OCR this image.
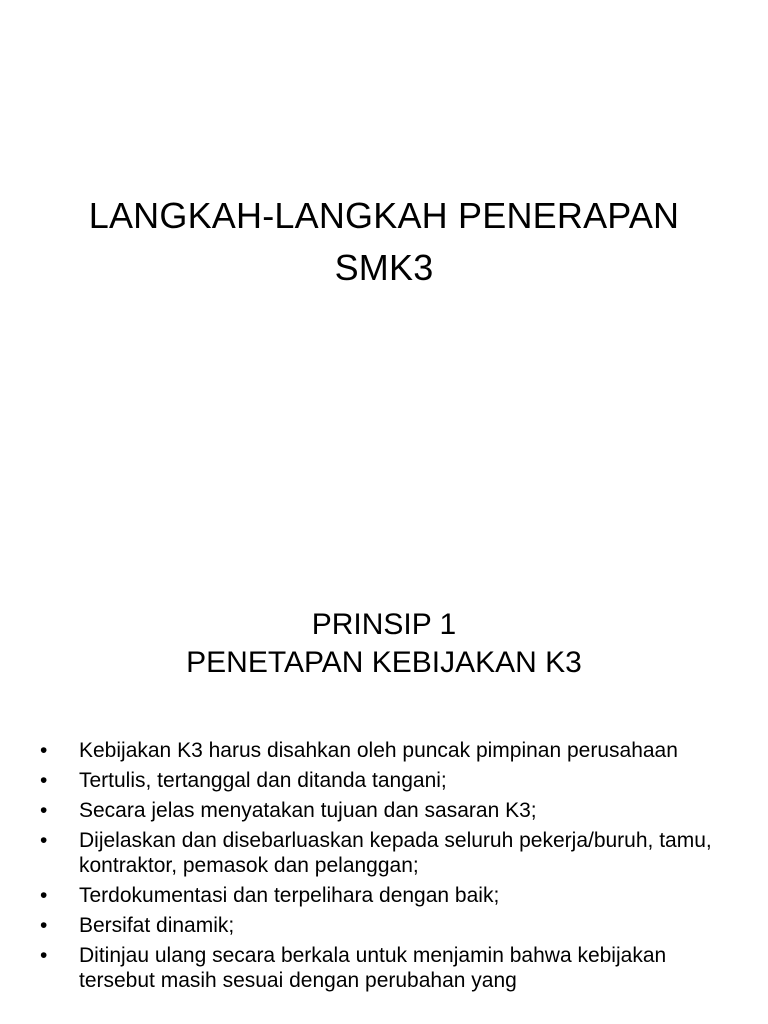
LANGKAH-LANGKAH PENERAPAN
SMK3
PRINSIP 1
PENETAPAN KEBIJAKAN K3
• Kebijakan K3 harus disahkan oleh puncak pimpinan perusahaan
• Tertulis, tertanggal dan ditanda tangani;
• Secara jelas menyatakan tujuan dan sasaran K3;
• Dijelaskan dan disebarluaskan kepada seluruh pekerja/buruh, tamu, kontraktor, pemasok dan pelanggan;
• Terdokumentasi dan terpelihara dengan baik;
• Bersifat dinamik;
• Ditinjau ulang secara berkala untuk menjamin bahwa kebijakan tersebut masih sesuai dengan perubahan yang
